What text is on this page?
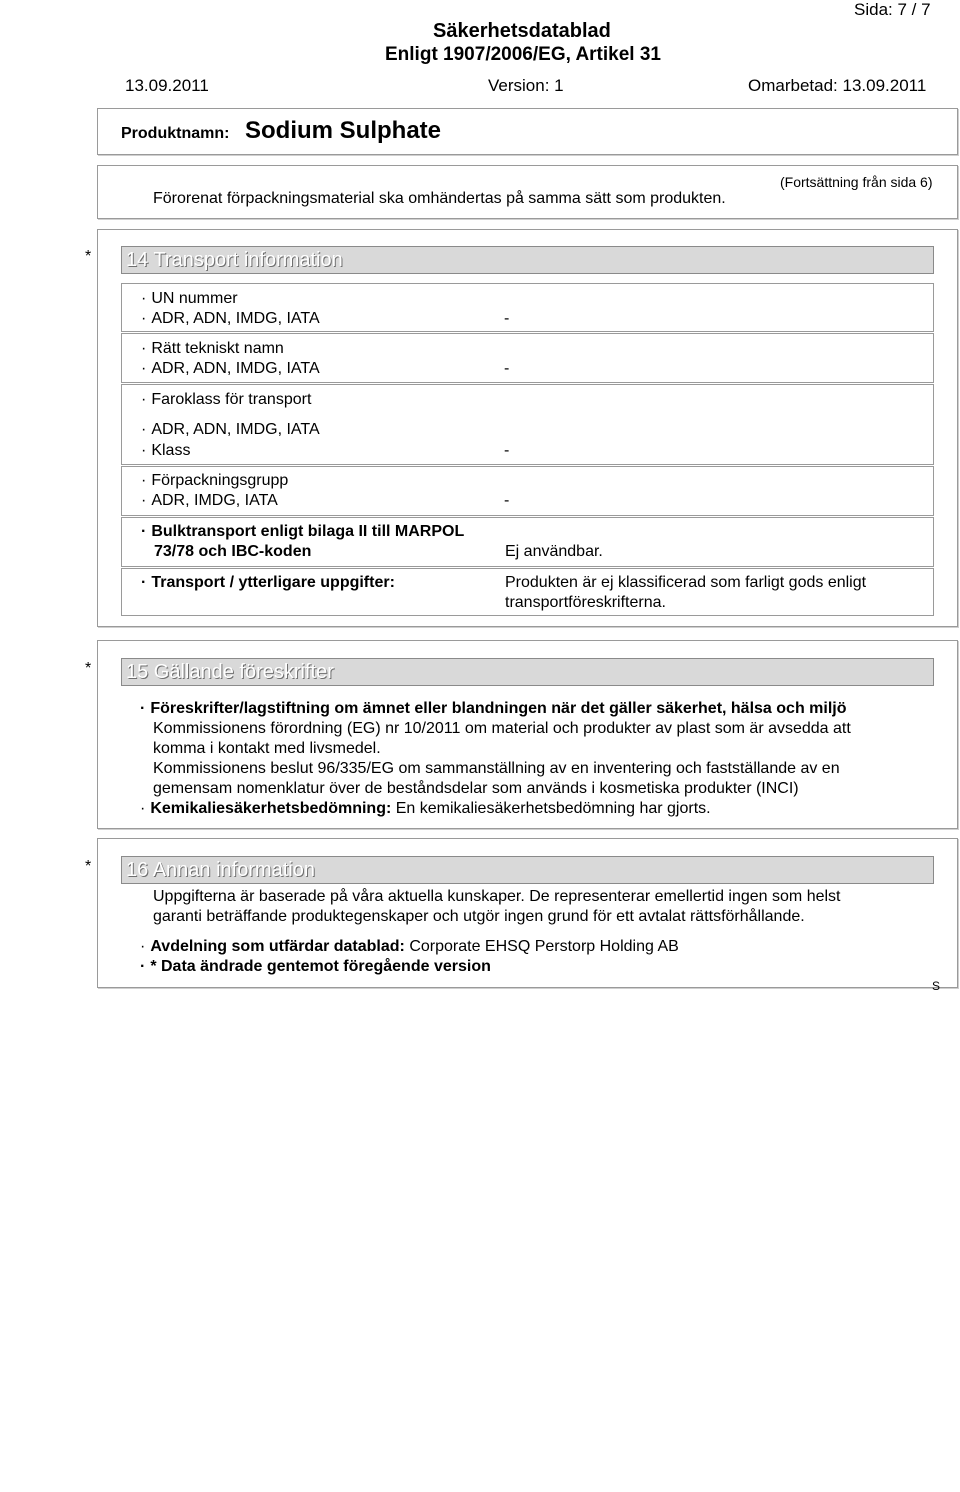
Sida: 7 / 7
Säkerhetsdatablad
Enligt 1907/2006/EG, Artikel 31
13.09.2011	Version: 1	Omarbetad: 13.09.2011
Produktnamn: Sodium Sulphate
(Fortsättning från sida 6)
Förorenat förpackningsmaterial ska omhändertas på samma sätt som produkten.
* 14 Transport information
· UN nummer
· ADR, ADN, IMDG, IATA	-
· Rätt tekniskt namn
· ADR, ADN, IMDG, IATA	-
· Faroklass för transport
· ADR, ADN, IMDG, IATA
· Klass	-
· Förpackningsgrupp
· ADR, IMDG, IATA	-
· Bulktransport enligt bilaga II till MARPOL
73/78 och IBC-koden	Ej användbar.
· Transport / ytterligare uppgifter:	Produkten är ej klassificerad som farligt gods enligt
transportföreskrifterna.
* 15 Gällande föreskrifter
· Föreskrifter/lagstiftning om ämnet eller blandningen när det gäller säkerhet, hälsa och miljö
Kommissionens förordning (EG) nr 10/2011 om material och produkter av plast som är avsedda att
komma i kontakt med livsmedel.
Kommissionens beslut 96/335/EG om sammanställning av en inventering och fastställande av en
gemensam nomenklatur över de beståndsdelar som används i kosmetiska produkter (INCI)
· Kemikaliesäkerhetsbedömning: En kemikaliesäkerhetsbedömning har gjorts.
* 16 Annan information
Uppgifterna är baserade på våra aktuella kunskaper. De representerar emellertid ingen som helst
garanti beträffande produktegenskaper och utgör ingen grund för ett avtalat rättsförhållande.
· Avdelning som utfärdar datablad: Corporate EHSQ Perstorp Holding AB
· * Data ändrade gentemot föregående version
S
